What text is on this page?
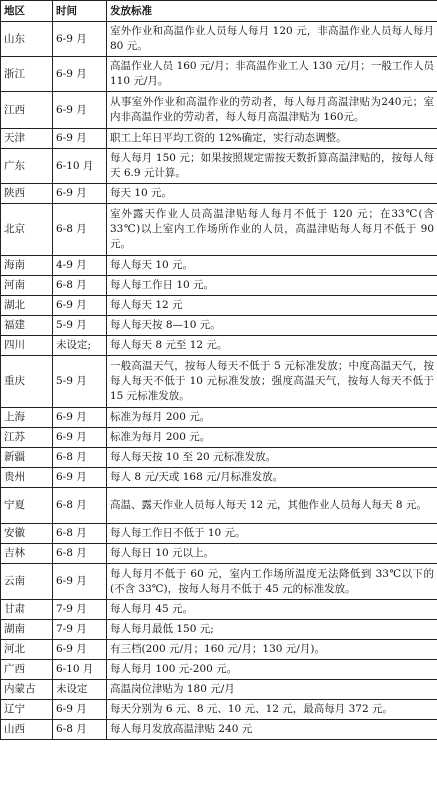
地区	时间	发放标准
山东	6-9 月	室外作业和高温作业人员每人每月 120 元，非高温作业人员每人每月 80 元。
浙江	6-9 月	高温作业人员 160 元/月；非高温作业工人 130 元/月；一般工作人员 110 元/月。
江西	6-9 月	从事室外作业和高温作业的劳动者，每人每月高温津贴为240元；室内非高温作业的劳动者，每人每月高温津贴为 160元。
天津	6-9 月	职工上年日平均工资的 12%确定，实行动态调整。
广东	6-10 月	每人每月 150 元；如果按照规定需按天数折算高温津贴的，按每人每天 6.9 元计算。
陕西	6-9 月	每天 10 元。
北京	6-8 月	室外露天作业人员高温津贴每人每月不低于 120 元；在33℃(含 33℃)以上室内工作场所作业的人员，高温津贴每人每月不低于 90 元。
海南	4-9 月	每人每天 10 元。
河南	6-8 月	每人每工作日 10 元。
湖北	6-9 月	每人每天 12 元
福建	5-9 月	每人每天按 8—10 元。
四川	未设定;	每人每天 8 元至 12 元。
重庆	5-9 月	一般高温天气，按每人每天不低于 5 元标准发放；中度高温天气，按每人每天不低于 10 元标准发放；强度高温天气，按每人每天不低于 15 元标准发放。
上海	6-9 月	标准为每月 200 元。
江苏	6-9 月	标准为每月 200 元。
新疆	6-8 月	每人每天按 10 至 20 元标准发放。
贵州	6-9 月	每人 8 元/天或 168 元/月标准发放。
宁夏	6-8 月	高温、露天作业人员每人每天 12 元，其他作业人员每人每天 8 元。
安徽	6-8 月	每人每工作日不低于 10 元。
吉林	6-8 月	每人每日 10 元以上。
云南	6-9 月	每人每月不低于 60 元，室内工作场所温度无法降低到 33℃以下的(不含 33℃)，按每人每月不低于 45 元的标准发放。
甘肃	7-9 月	每人每月 45 元。
湖南	7-9 月	每人每月最低 150 元;
河北	6-9 月	有三档(200 元/月；160 元/月；130 元/月)。
广西	6-10 月	每人每月 100 元-200 元。
内蒙古	未设定	高温岗位津贴为 180 元/月
辽宁	6-9 月	每天分别为 6 元、8 元、10 元、12 元，最高每月 372 元。
山西	6-8 月	每人每月发放高温津贴 240 元
